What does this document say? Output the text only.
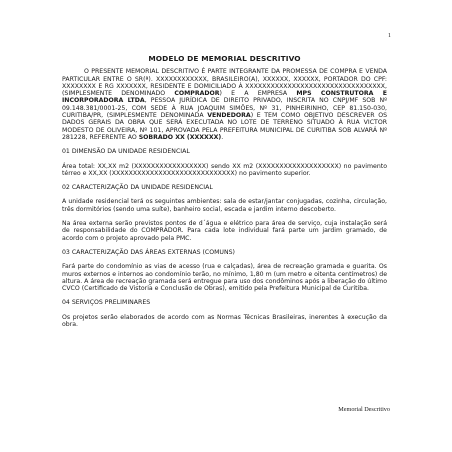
1
MODELO DE MEMORIAL DESCRITIVO

O PRESENTE MEMORIAL DESCRITIVO É PARTE INTEGRANTE DA PROMESSA DE COMPRA E VENDA PARTICULAR ENTRE O SR(ª). XXXXXXXXXXXX, BRASILEIRO(A), XXXXXX, XXXXXX, PORTADOR DO CPF: XXXXXXXX E RG XXXXXXX, RESIDENTE E DOMICILIADO À XXXXXXXXXXXXXXXXXXXXXXXXXXXXXXXXX, (SIMPLESMENTE DENOMINADO COMPRADOR) E A EMPRESA MPS CONSTRUTORA E INCORPORADORA LTDA, PESSOA JURÍDICA DE DIREITO PRIVADO, INSCRITA NO CNPJ/MF SOB Nº 09.148.381/0001-25, COM SEDE À RUA JOAQUIM SIMÕES, Nº 31, PINHEIRINHO, CEP 81.150-030, CURITIBA/PR, (SIMPLESMENTE DENOMINADA VENDEDORA) E TEM COMO OBJETIVO DESCREVER OS DADOS GERAIS DA OBRA QUE SERÁ EXECUTADA NO LOTE DE TERRENO SITUADO À RUA VICTOR MODESTO DE OLIVEIRA, Nº 101, APROVADA PELA PREFEITURA MUNICIPAL DE CURITIBA SOB ALVARÁ Nº 281228, REFERENTE AO SOBRADO XX (XXXXXX).

01 DIMENSÃO DA UNIDADE RESIDENCIAL

Área total: XX,XX m2 (XXXXXXXXXXXXXXXXX) sendo XX m2 (XXXXXXXXXXXXXXXXXXX) no pavimento térreo e XX,XX (XXXXXXXXXXXXXXXXXXXXXXXXXXXXX) no pavimento superior.

02 CARACTERIZAÇÃO DA UNIDADE RESIDENCIAL

A unidade residencial terá os seguintes ambientes: sala de estar/jantar conjugadas, cozinha, circulação, três dormitórios (sendo uma suíte), banheiro social, escada e jardim interno descoberto.

Na área externa serão previstos pontos de d´água e elétrico para área de serviço, cuja instalação será de responsabilidade do COMPRADOR. Para cada lote individual fará parte um jardim gramado, de acordo com o projeto aprovado pela PMC.

03 CARACTERIZAÇÃO DAS ÁREAS EXTERNAS (COMUNS)

Fará parte do condomínio as vias de acesso (rua e calçadas), área de recreação gramada e guarita. Os muros externos e internos ao condomínio terão, no mínimo, 1,80 m (um metro e oitenta centímetros) de altura. A área de recreação gramada será entregue para uso dos condôminos após a liberação do último CVCO (Certificado de Vistoria e Conclusão de Obras), emitido pela Prefeitura Municipal de Curitiba.

04 SERVIÇOS PRELIMINARES

Os projetos serão elaborados de acordo com as Normas Técnicas Brasileiras, inerentes à execução da obra.

Memorial Descritivo
